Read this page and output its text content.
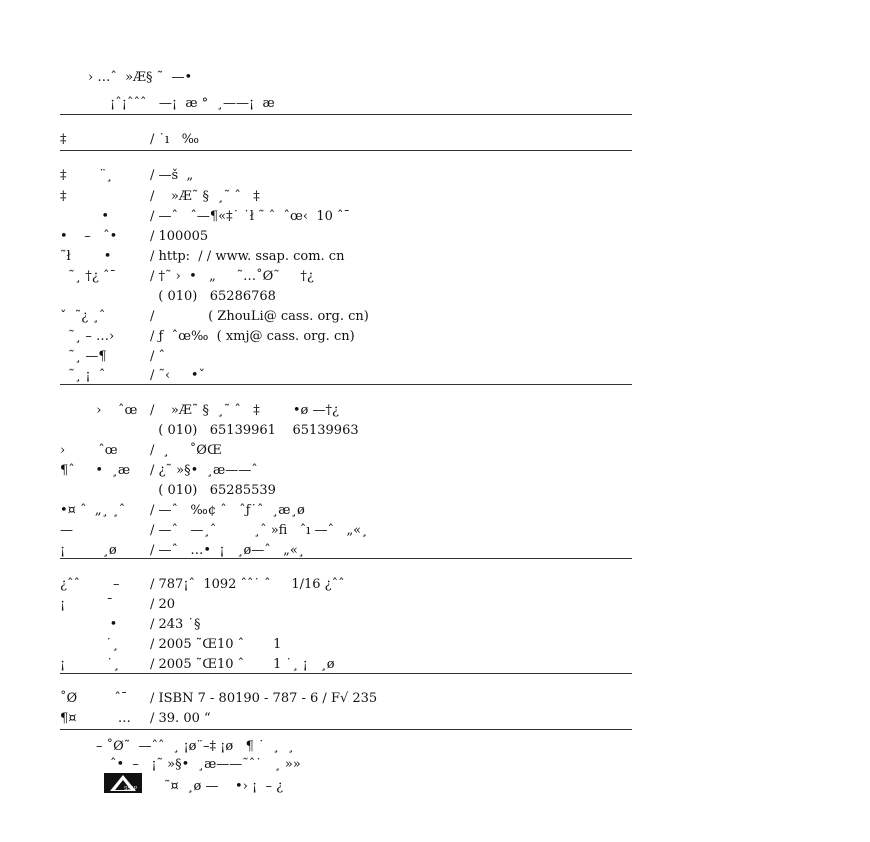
› …ˆ  »Æ§ ˜  —•
¡ˆ¡ˆˆˆ   —¡  æ °  ¸——¡  æ
‡	/ ˙ı   ‰
‡        ¨¸	/ —š  „
‡	/    »Æ˜ §  ¸˜ ˆ   ‡
•	/ —ˆ   ˆ—¶«‡˙ ˙ł ˜ ˆ  ˆœ‹  10 ˆ¯
•    –   ˆ•	/ 100005
˜ł        •	/ http:  / / www. ssap. com. cn
˜¸ †¿ ˆ¯	/ †˜ ›  •   „     ˜…˚Ø˜     †¿
( 010)   65286768
ˇ  ˜¿ ¸ˆ	/             ( ZhouLi@ cass. org. cn)
˜¸ – …›	/ ƒ  ˆœ‰  ( xmj@ cass. org. cn)
˜¸ —¶	/ ˆ
˜¸ ¡  ˆ	/ ˜‹     •ˇ
›    ˆœ /    »Æ˜ §  ¸˜ ˆ   ‡        •ø —†¿
( 010)   65139961    65139963
›        ˆœ /  ¸     ˚ØŒ
¶ˆ     •  ¸æ / ¿˜ »§•  ¸æ——ˆ
( 010)   65285539
•¤ ˆ  „¸ ¸ˆ / —ˆ   ‰¢ ˆ   ˆƒ˙ˆ  ¸æ¸ø
—	/ —ˆ   —¸ˆ         ¸ˆ »ﬁ   ˆı —ˆ   „«¸
¡         ¸ø	/ —ˆ   …•  ¡   ¸ø—ˆ   „«¸
¿ˆˆ        – / 787¡ˆ  1092 ˆˆ˙ ˆ     1/16 ¿ˆˆ
¡          ¯	/ 20
•	/ 243 ˙§
˙¸ / 2005 ˜Œ10 ˆ       1
¡          ˙¸ / 2005 ˜Œ10 ˆ       1 ˙¸ ¡   ¸ø
˚Ø         ˆ¯ / ISBN 7 - 80190 - 787 - 6 / F√ 235
¶¤          … / 39. 00 “
– ˚Ø˜  —ˆˆ  ¸ ¡ø¨–‡ ¡ø   ¶ ˙  ¸  ¸
ˆ•  –   ¡˜ »§•  ¸æ——˜ˆ˙   ¸ »»
SSAP ˜¤  ¸ø —    •› ¡  – ¿
